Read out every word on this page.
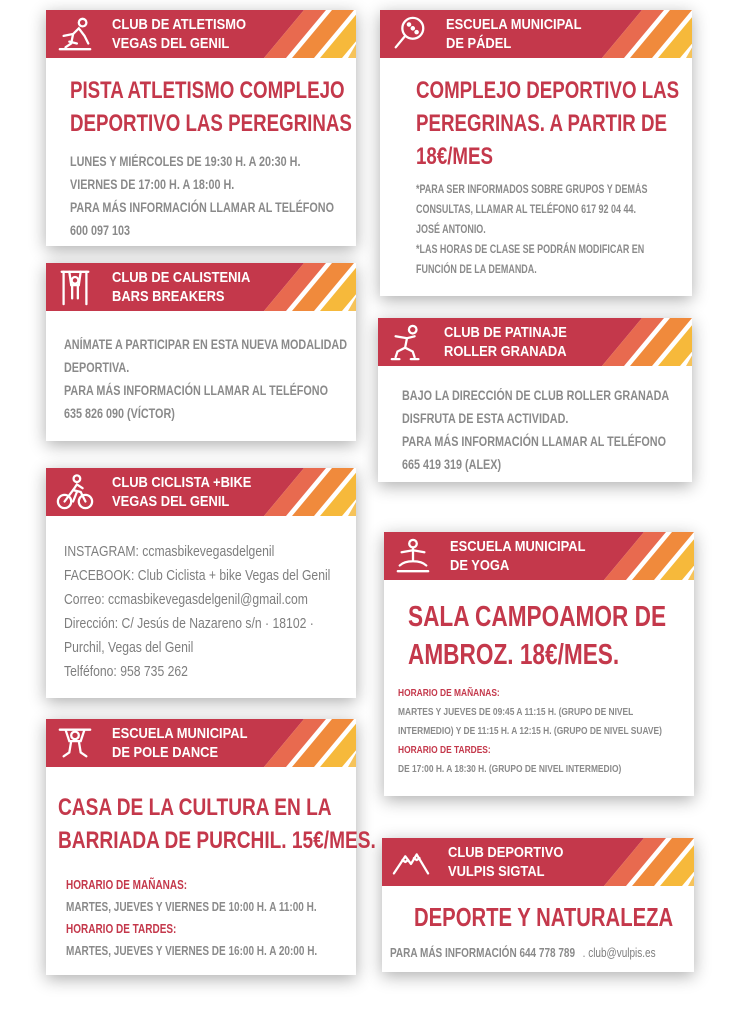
CLUB DE ATLETISMO
VEGAS DEL GENIL
PISTA ATLETISMO COMPLEJO
DEPORTIVO LAS PEREGRINAS
LUNES Y MIÉRCOLES DE 19:30 H. A 20:30 H.
VIERNES DE 17:00 H. A 18:00 H.
PARA MÁS INFORMACIÓN LLAMAR AL TELÉFONO
600 097 103
ESCUELA MUNICIPAL
DE PÁDEL
COMPLEJO DEPORTIVO LAS
PEREGRINAS. A PARTIR DE
18€/MES
*PARA SER INFORMADOS SOBRE GRUPOS Y DEMÁS
CONSULTAS, LLAMAR AL TELÉFONO 617 92 04 44.
JOSÉ ANTONIO.
*LAS HORAS DE CLASE SE PODRÁN MODIFICAR EN
FUNCIÓN DE LA DEMANDA.
CLUB DE CALISTENIA
BARS BREAKERS
ANÍMATE A PARTICIPAR EN ESTA NUEVA MODALIDAD
DEPORTIVA.
PARA MÁS INFORMACIÓN LLAMAR AL TELÉFONO
635 826 090 (VÍCTOR)
CLUB DE PATINAJE
ROLLER GRANADA
BAJO LA DIRECCIÓN DE CLUB ROLLER GRANADA
DISFRUTA DE ESTA ACTIVIDAD.
PARA MÁS INFORMACIÓN LLAMAR AL TELÉFONO
665 419 319 (ALEX)
CLUB CICLISTA +BIKE
VEGAS DEL GENIL
INSTAGRAM: ccmasbikevegasdelgenil
FACEBOOK: Club Ciclista + bike Vegas del Genil
Correo: ccmasbikevegasdelgenil@gmail.com
Dirección: C/ Jesús de Nazareno s/n · 18102 ·
Purchil, Vegas del Genil
Telféfono: 958 735 262
ESCUELA MUNICIPAL
DE YOGA
SALA CAMPOAMOR DE
AMBROZ. 18€/MES.
HORARIO DE MAÑANAS:
MARTES Y JUEVES DE 09:45 A 11:15 H. (GRUPO DE NIVEL
INTERMEDIO) Y DE 11:15 H. A 12:15 H. (GRUPO DE NIVEL SUAVE)
HORARIO DE TARDES:
DE 17:00 H. A 18:30 H. (GRUPO DE NIVEL INTERMEDIO)
ESCUELA MUNICIPAL
DE POLE DANCE
CASA DE LA CULTURA EN LA
BARRIADA DE PURCHIL. 15€/MES.
HORARIO DE MAÑANAS:
MARTES, JUEVES Y VIERNES DE 10:00 H. A 11:00 H.
HORARIO DE TARDES:
MARTES, JUEVES Y VIERNES DE 16:00 H. A 20:00 H.
CLUB DEPORTIVO
VULPIS SIGTAL
DEPORTE Y NATURALEZA
PARA MÁS INFORMACIÓN 644 778 789 . club@vulpis.es
